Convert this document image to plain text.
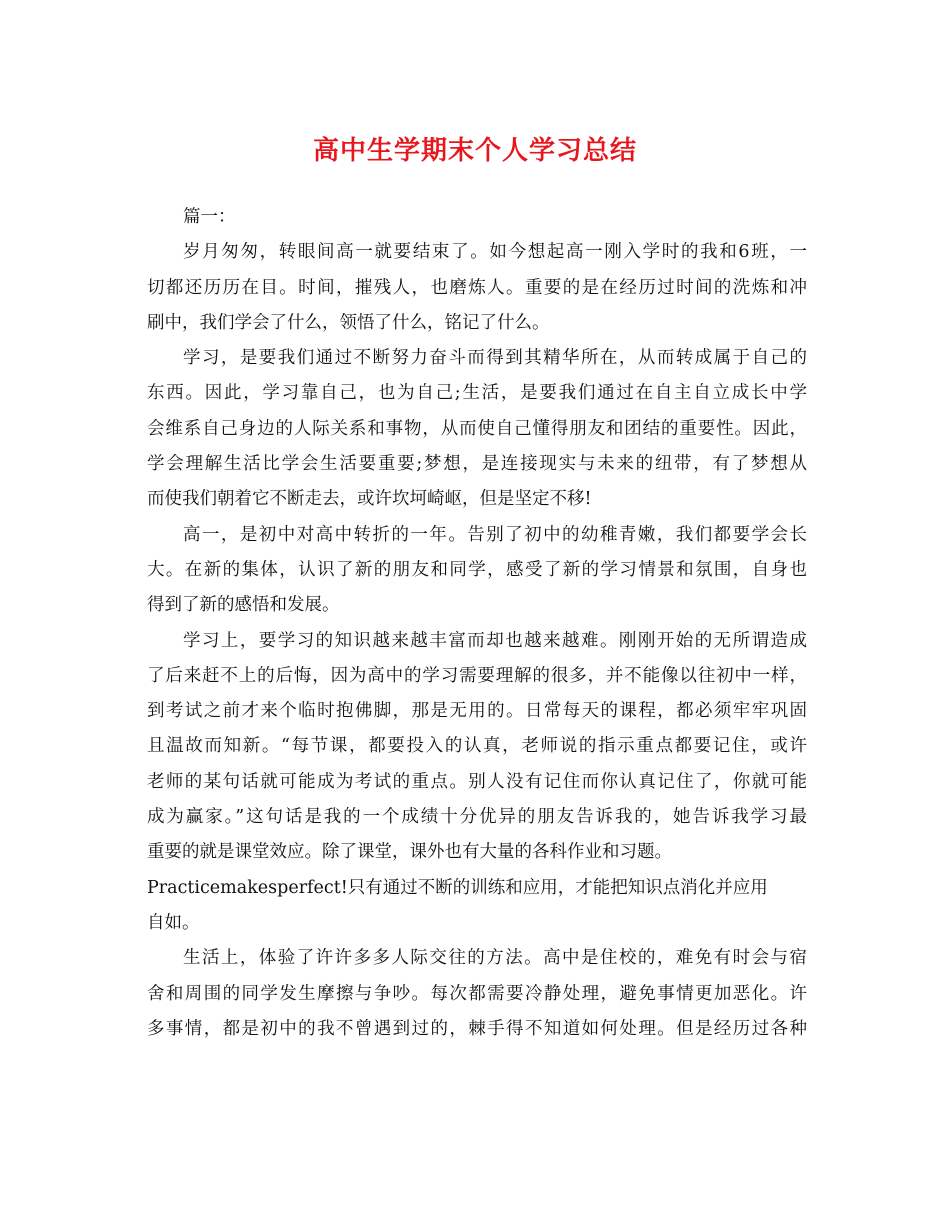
高中生学期末个人学习总结
篇一：
岁月匆匆，转眼间高一就要结束了。如今想起高一刚入学时的我和6班，一
切都还历历在目。时间，摧残人，也磨炼人。重要的是在经历过时间的洗炼和冲
刷中，我们学会了什么，领悟了什么，铭记了什么。
学习，是要我们通过不断努力奋斗而得到其精华所在，从而转成属于自己的
东西。因此，学习靠自己，也为自己;生活，是要我们通过在自主自立成长中学
会维系自己身边的人际关系和事物，从而使自己懂得朋友和团结的重要性。因此，
学会理解生活比学会生活要重要;梦想，是连接现实与未来的纽带，有了梦想从
而使我们朝着它不断走去，或许坎坷崎岖，但是坚定不移!
高一，是初中对高中转折的一年。告别了初中的幼稚青嫩，我们都要学会长
大。在新的集体，认识了新的朋友和同学，感受了新的学习情景和氛围，自身也
得到了新的感悟和发展。
学习上，要学习的知识越来越丰富而却也越来越难。刚刚开始的无所谓造成
了后来赶不上的后悔，因为高中的学习需要理解的很多，并不能像以往初中一样，
到考试之前才来个临时抱佛脚，那是无用的。日常每天的课程，都必须牢牢巩固
且温故而知新。“每节课，都要投入的认真，老师说的指示重点都要记住，或许
老师的某句话就可能成为考试的重点。别人没有记住而你认真记住了，你就可能
成为赢家。”这句话是我的一个成绩十分优异的朋友告诉我的，她告诉我学习最
重要的就是课堂效应。除了课堂，课外也有大量的各科作业和习题。
Practicemakesperfect!只有通过不断的训练和应用，才能把知识点消化并应用
自如。
生活上，体验了许许多多人际交往的方法。高中是住校的，难免有时会与宿
舍和周围的同学发生摩擦与争吵。每次都需要冷静处理，避免事情更加恶化。许
多事情，都是初中的我不曾遇到过的，棘手得不知道如何处理。但是经历过各种
